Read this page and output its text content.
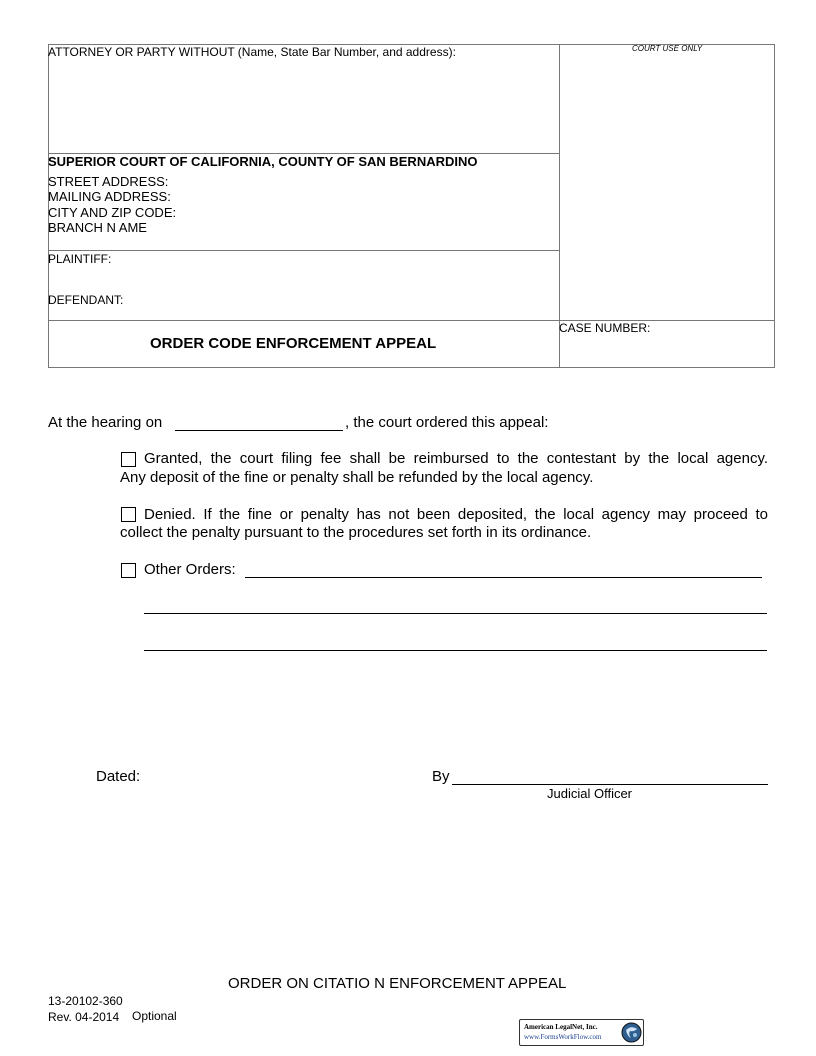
ATTORNEY OR PARTY WITHOUT (Name, State Bar Number, and address):	COURT USE ONLY
SUPERIOR COURT OF CALIFORNIA, COUNTY OF SAN BERNARDINO
STREET ADDRESS:
MAILING ADDRESS:
CITY AND ZIP CODE:
BRANCH N AME
PLAINTIFF:
DEFENDANT:
ORDER CODE ENFORCEMENT APPEAL
CASE NUMBER:
At the hearing on	, the court ordered this appeal:
Granted, the court filing fee shall be reimbursed to the contestant by the local agency.
Any deposit of the fine or penalty shall be refunded by the local agency.
Denied. If the fine or penalty has not been deposited, the local agency may proceed to
collect the penalty pursuant to the procedures set forth in its ordinance.
Other Orders:
Dated:	By
Judicial Officer
ORDER ON CITATIO N ENFORCEMENT APPEAL
13-20102-360
Rev. 04-2014 Optional
American LegalNet, Inc.
www.FormsWorkFlow.com
